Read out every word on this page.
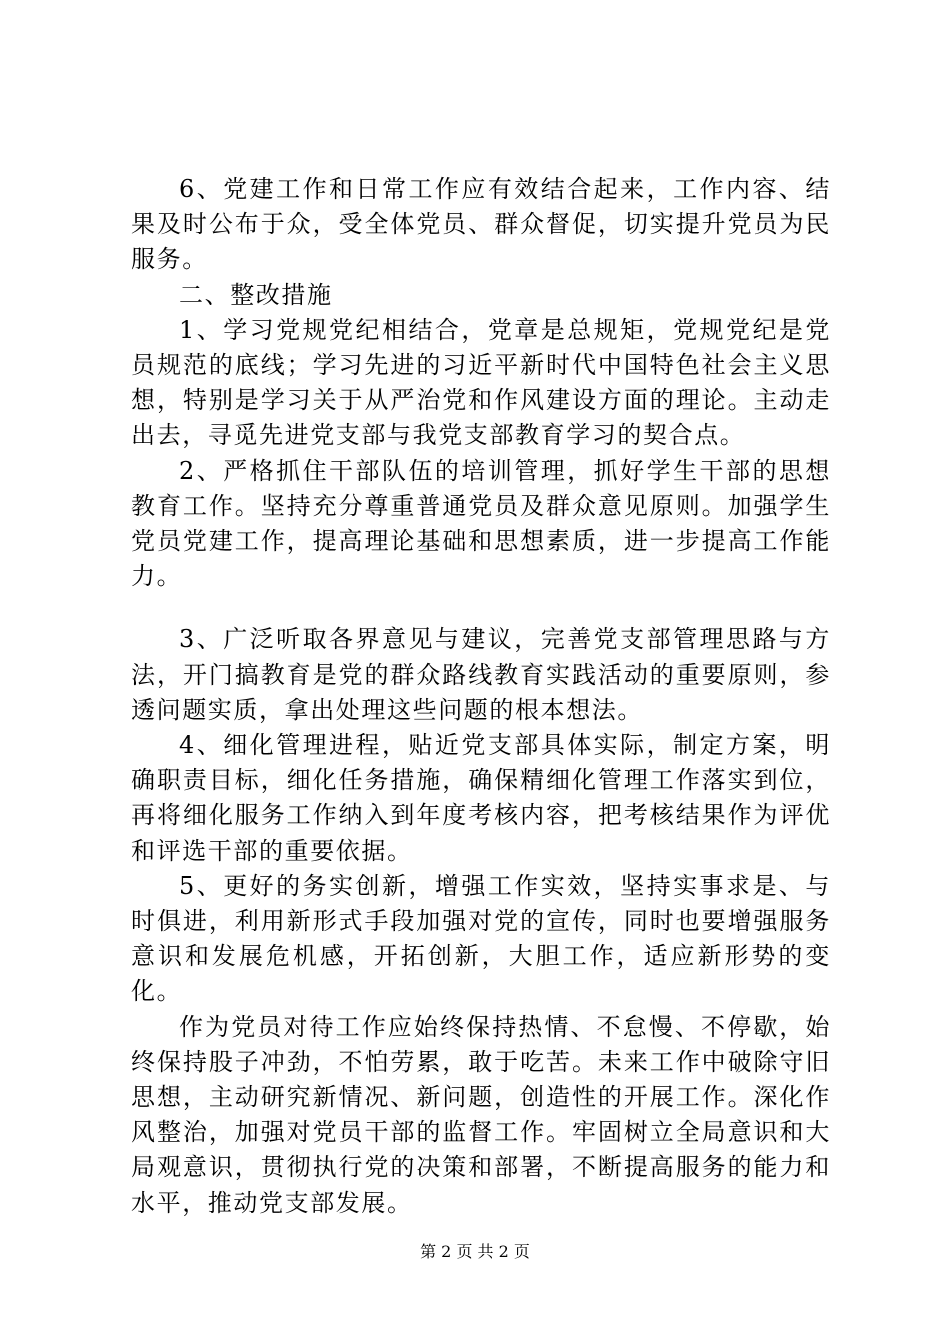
6、党建工作和日常工作应有效结合起来，工作内容、结果及时公布于众，受全体党员、群众督促，切实提升党员为民服务。

二、整改措施

1、学习党规党纪相结合，党章是总规矩，党规党纪是党员规范的底线；学习先进的习近平新时代中国特色社会主义思想，特别是学习关于从严治党和作风建设方面的理论。主动走出去，寻觅先进党支部与我党支部教育学习的契合点。

2、严格抓住干部队伍的培训管理，抓好学生干部的思想教育工作。坚持充分尊重普通党员及群众意见原则。加强学生党员党建工作，提高理论基础和思想素质，进一步提高工作能力。

3、广泛听取各界意见与建议，完善党支部管理思路与方法，开门搞教育是党的群众路线教育实践活动的重要原则，参透问题实质，拿出处理这些问题的根本想法。

4、细化管理进程，贴近党支部具体实际，制定方案，明确职责目标，细化任务措施，确保精细化管理工作落实到位，再将细化服务工作纳入到年度考核内容，把考核结果作为评优和评选干部的重要依据。

5、更好的务实创新，增强工作实效，坚持实事求是、与时俱进，利用新形式手段加强对党的宣传，同时也要增强服务意识和发展危机感，开拓创新，大胆工作，适应新形势的变化。

作为党员对待工作应始终保持热情、不怠慢、不停歇，始终保持股子冲劲，不怕劳累，敢于吃苦。未来工作中破除守旧思想，主动研究新情况、新问题，创造性的开展工作。深化作风整治，加强对党员干部的监督工作。牢固树立全局意识和大局观意识，贯彻执行党的决策和部署，不断提高服务的能力和水平，推动党支部发展。

第 2 页 共 2 页
